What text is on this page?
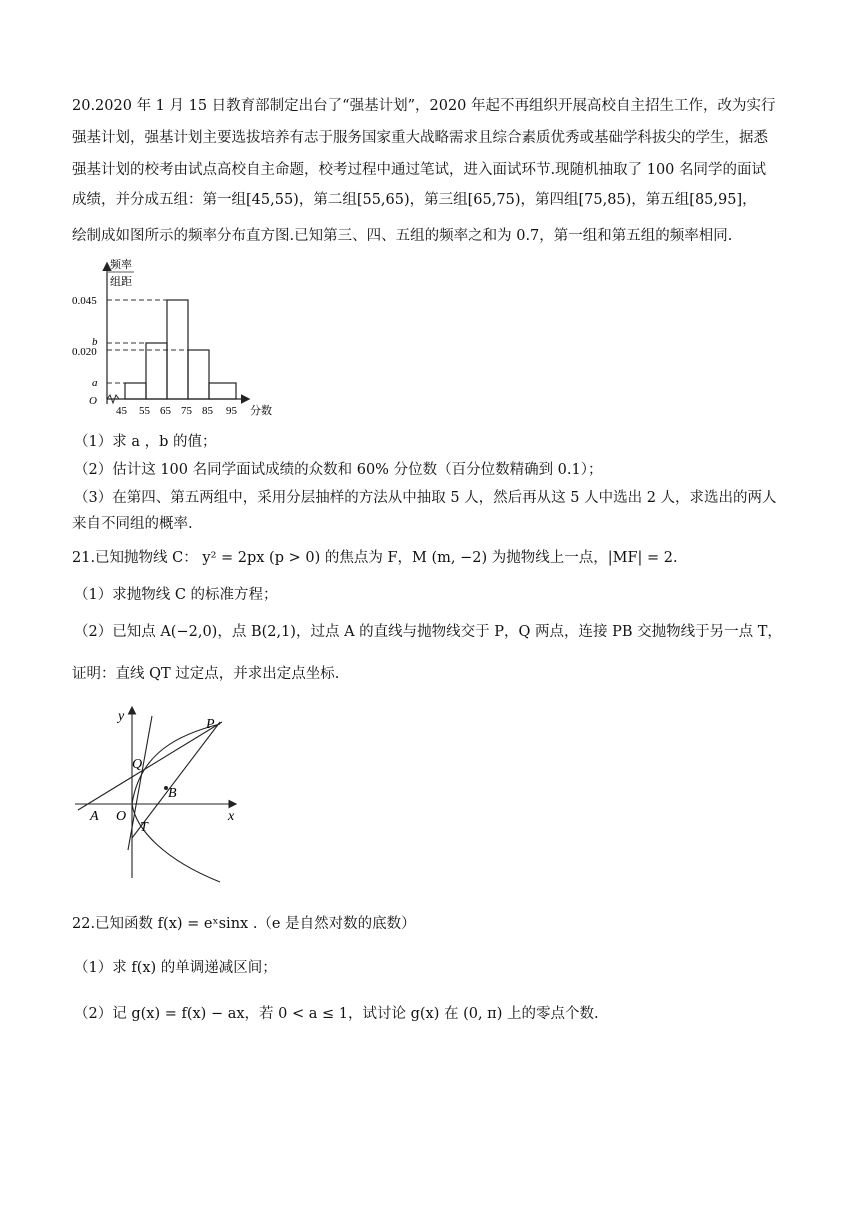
20.2020 年 1 月 15 日教育部制定出台了“强基计划”，2020 年起不再组织开展高校自主招生工作，改为实行
强基计划，强基计划主要选拔培养有志于服务国家重大战略需求且综合素质优秀或基础学科拔尖的学生，据悉
强基计划的校考由试点高校自主命题，校考过程中通过笔试，进入面试环节.现随机抽取了 100 名同学的面试
成绩，并分成五组：第一组[45,55)，第二组[55,65)，第三组[65,75)，第四组[75,85)，第五组[85,95]，
绘制成如图所示的频率分布直方图.已知第三、四、五组的频率之和为 0.7，第一组和第五组的频率相同.
频率
组距
0.045
b
0.020
a
O
45 55 65 75 85 95 分数
（1）求 a ，b 的值；
（2）估计这 100 名同学面试成绩的众数和 60% 分位数（百分位数精确到 0.1）；
（3）在第四、第五两组中，采用分层抽样的方法从中抽取 5 人，然后再从这 5 人中选出 2 人，求选出的两人
来自不同组的概率.
21.已知抛物线 C： y² = 2px (p > 0) 的焦点为 F，M (m, −2) 为抛物线上一点，|MF| = 2.
（1）求抛物线 C 的标准方程；
（2）已知点 A(−2,0)，点 B(2,1)，过点 A 的直线与抛物线交于 P，Q 两点，连接 PB 交抛物线于另一点 T，
证明：直线 QT 过定点，并求出定点坐标.
y
x
P
Q
B
A O
T
22.已知函数 f(x) = eˣsinx .（e 是自然对数的底数）
（1）求 f(x) 的单调递减区间；
（2）记 g(x) = f(x) − ax，若 0 < a ≤ 1，试讨论 g(x) 在 (0, π) 上的零点个数.
